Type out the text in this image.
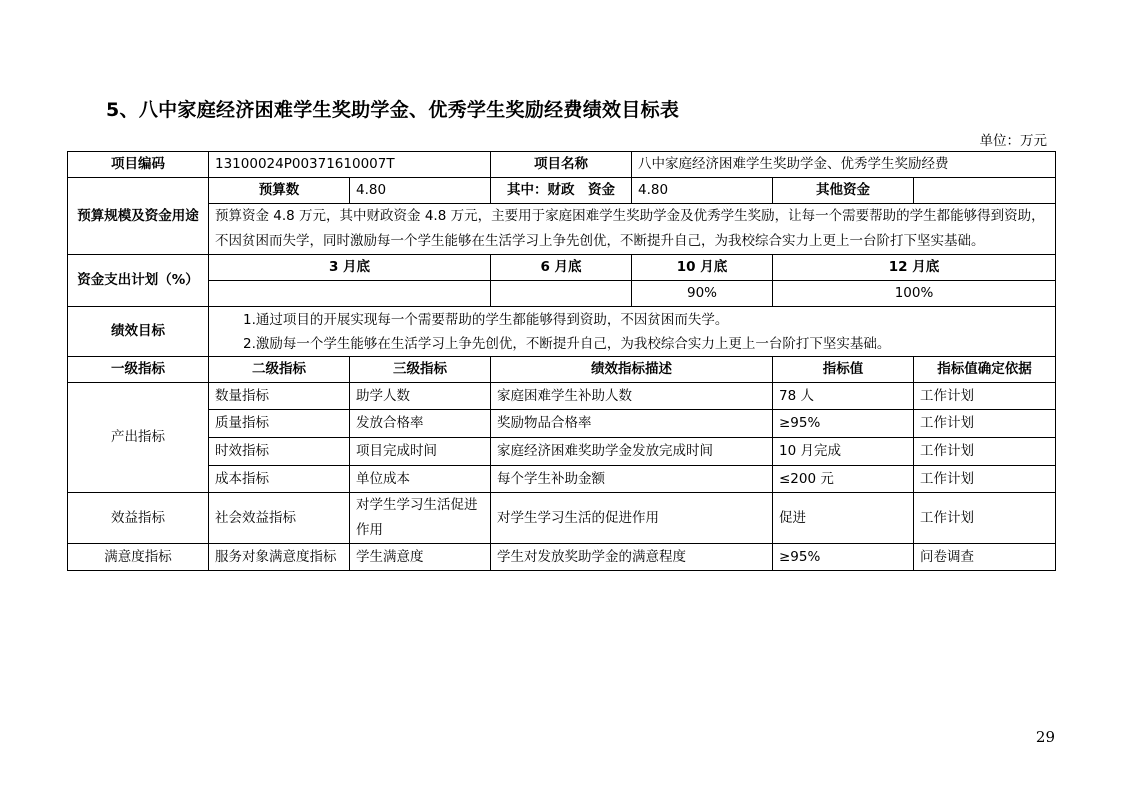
5、八中家庭经济困难学生奖助学金、优秀学生奖励经费绩效目标表
单位：万元
项目编码	13100024P00371610007T		项目名称	八中家庭经济困难学生奖助学金、优秀学生奖励经费		
预算规模及资金用途	预算数	4.80	其中：财政　资金	4.80	其他资金	
	预算资金 4.8 万元，其中财政资金 4.8 万元，主要用于家庭困难学生奖助学金及优秀学生奖励，让每一个需要帮助的学生都能够得到资助，不因贫困而失学，同时激励每一个学生能够在生活学习上争先创优，不断提升自己，为我校综合实力上更上一台阶打下坚实基础。					
资金支出计划（%）	3 月底		6 月底	10 月底	12 月底	
				90%	100%	
绩效目标	1.通过项目的开展实现每一个需要帮助的学生都能够得到资助，不因贫困而失学。
2.激励每一个学生能够在生活学习上争先创优，不断提升自己，为我校综合实力上更上一台阶打下坚实基础。					

一级指标	二级指标	三级指标	绩效指标描述		指标值	指标值确定依据
产出指标	数量指标	助学人数	家庭困难学生补助人数		78 人	工作计划
	质量指标	发放合格率	奖励物品合格率		≥95%	工作计划
	时效指标	项目完成时间	家庭经济困难奖助学金发放完成时间		10 月完成	工作计划
	成本指标	单位成本	每个学生补助金额		≤200 元	工作计划
效益指标	社会效益指标	对学生学习生活促进作用	对学生学习生活的促进作用		促进	工作计划
满意度指标	服务对象满意度指标	学生满意度	学生对发放奖助学金的满意程度		≥95%	问卷调查
29
